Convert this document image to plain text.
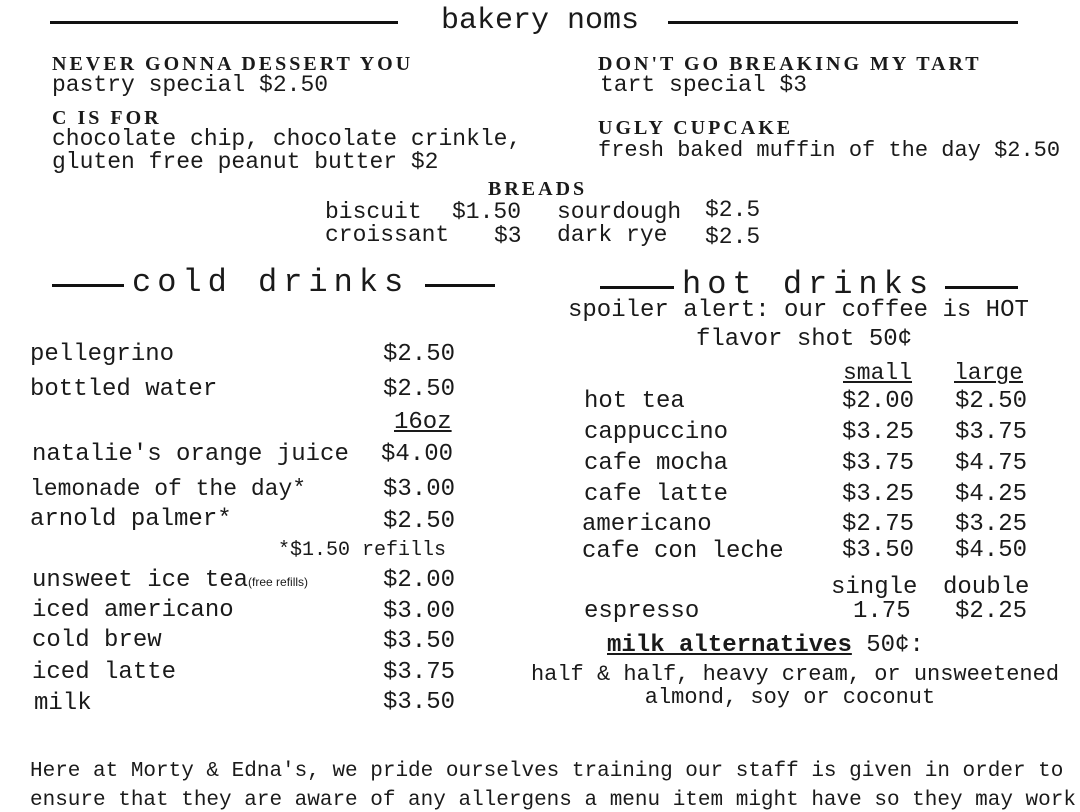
bakery noms
NEVER GONNA DESSERT YOU
pastry special $2.50
DON'T GO BREAKING MY TART
tart special $3
C IS FOR
chocolate chip, chocolate crinkle,
gluten free peanut butter $2
UGLY CUPCAKE
fresh baked muffin of the day $2.50
BREADS
biscuit $1.50 sourdough $2.5
croissant $3 dark rye $2.5
cold drinks
pellegrino	$2.50
bottled water	$2.50
16oz
natalie's orange juice $4.00
lemonade of the day*	$3.00
arnold palmer*	$2.50
*$1.50 refills
unsweet ice tea(free refills)	$2.00
iced americano	$3.00
cold brew	$3.50
iced latte	$3.75
milk	$3.50
hot drinks
spoiler alert: our coffee is HOT
flavor shot 50¢
small large
hot tea	$2.00 $2.50
cappuccino	$3.25 $3.75
cafe mocha	$3.75 $4.75
cafe latte	$3.25 $4.25
americano	$2.75 $3.25
cafe con leche $3.50 $4.50
single double
espresso	1.75 $2.25
milk alternatives 50¢:
half & half, heavy cream, or unsweetened
almond, soy or coconut
Here at Morty & Edna's, we pride ourselves training our staff is given in order to
ensure that they are aware of any allergens a menu item might have so they may work
